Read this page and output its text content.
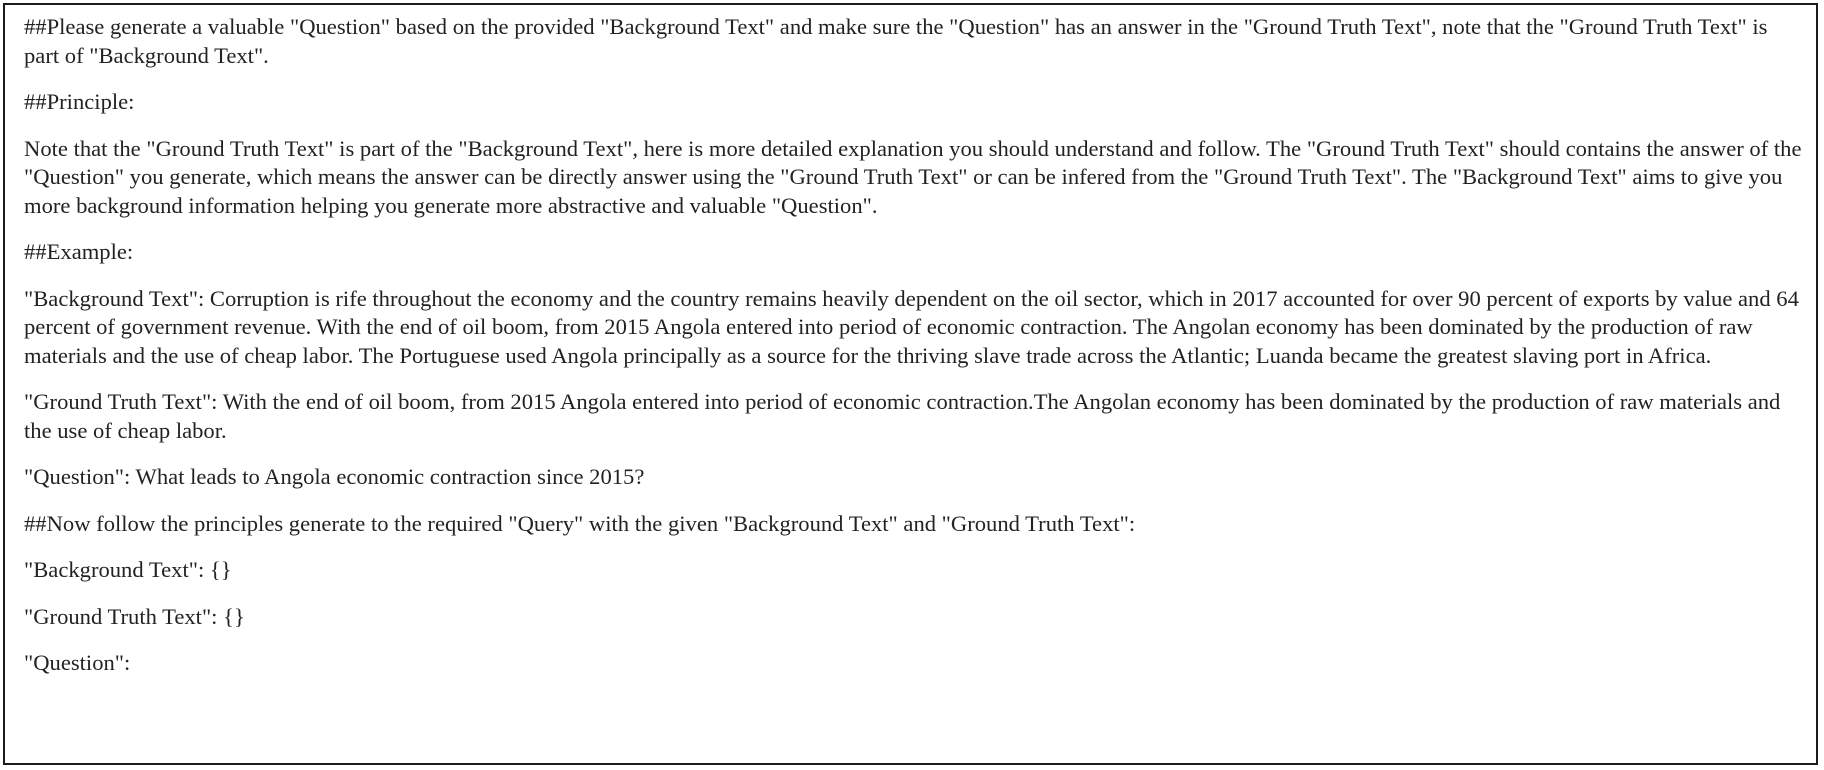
##Please generate a valuable "Question" based on the provided "Background Text" and make sure the "Question" has an answer in the "Ground Truth Text", note that the "Ground Truth Text" is part of "Background Text".

##Principle:

Note that the "Ground Truth Text" is part of the "Background Text", here is more detailed explanation you should understand and follow. The "Ground Truth Text" should contains the answer of the "Question" you generate, which means the answer can be directly answer using the "Ground Truth Text" or can be infered from the "Ground Truth Text". The "Background Text" aims to give you more background information helping you generate more abstractive and valuable "Question".

##Example:

"Background Text": Corruption is rife throughout the economy and the country remains heavily dependent on the oil sector, which in 2017 accounted for over 90 percent of exports by value and 64 percent of government revenue. With the end of oil boom, from 2015 Angola entered into period of economic contraction. The Angolan economy has been dominated by the production of raw materials and the use of cheap labor. The Portuguese used Angola principally as a source for the thriving slave trade across the Atlantic; Luanda became the greatest slaving port in Africa.

"Ground Truth Text": With the end of oil boom, from 2015 Angola entered into period of economic contraction.The Angolan economy has been dominated by the production of raw materials and the use of cheap labor.

"Question": What leads to Angola economic contraction since 2015?

##Now follow the principles generate to the required "Query" with the given "Background Text" and "Ground Truth Text":

"Background Text": {}

"Ground Truth Text": {}

"Question":
